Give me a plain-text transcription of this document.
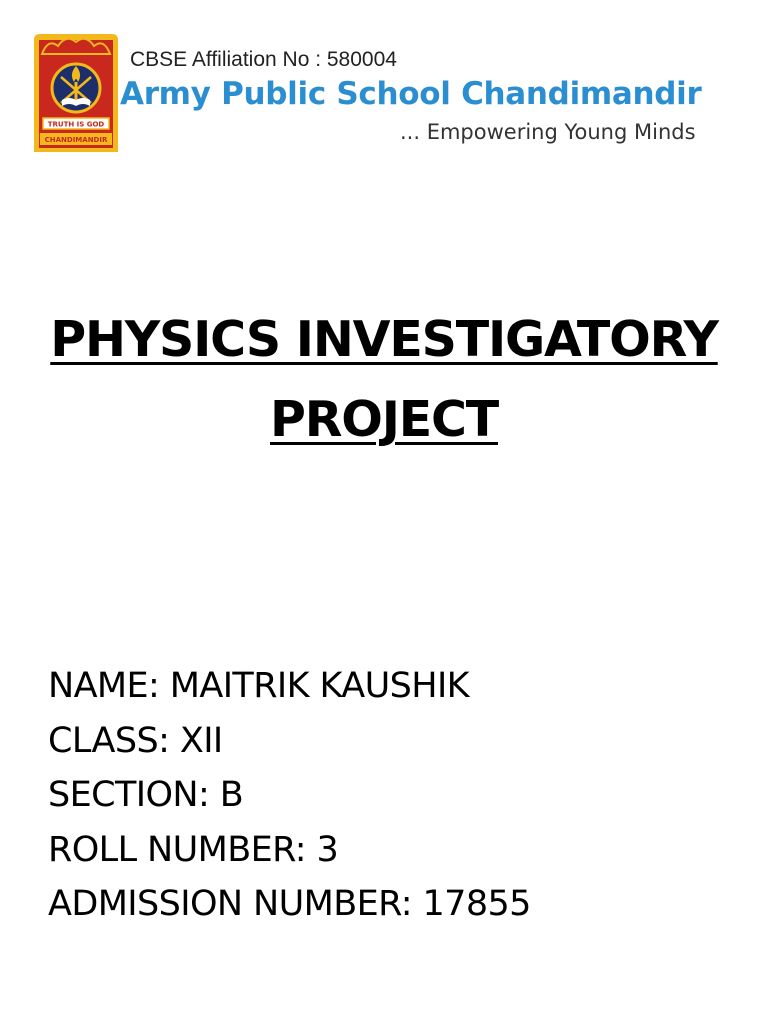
TRUTH IS GOD
CHANDIMANDIR
CBSE Affiliation No : 580004
Army Public School Chandimandir
... Empowering Young Minds
PHYSICS INVESTIGATORY
PROJECT
NAME: MAITRIK KAUSHIK
CLASS: XII
SECTION: B
ROLL NUMBER: 3
ADMISSION NUMBER: 17855
